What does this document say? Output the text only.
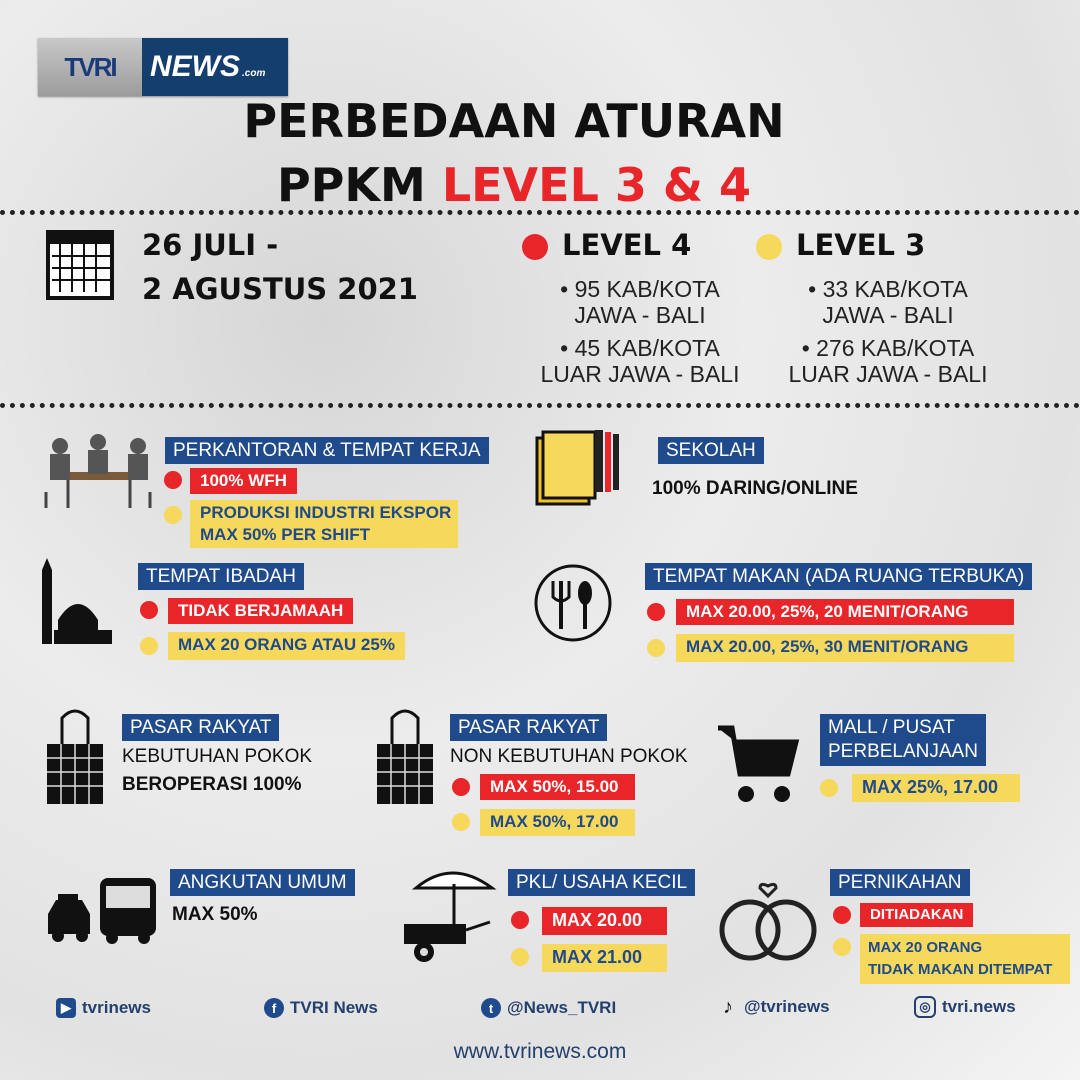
TVRI NEWS .com
PERBEDAAN ATURAN
PPKM LEVEL 3 & 4
26 JULI -
2 AGUSTUS 2021
LEVEL 4
• 95 KAB/KOTA
JAWA - BALI
• 45 KAB/KOTA
LUAR JAWA - BALI
LEVEL 3
• 33 KAB/KOTA
JAWA - BALI
• 276 KAB/KOTA
LUAR JAWA - BALI
PERKANTORAN & TEMPAT KERJA
100% WFH
PRODUKSI INDUSTRI EKSPOR
MAX 50% PER SHIFT
SEKOLAH
100% DARING/ONLINE
TEMPAT IBADAH
TIDAK BERJAMAAH
MAX 20 ORANG ATAU 25%
TEMPAT MAKAN (ADA RUANG TERBUKA)
MAX 20.00, 25%, 20 MENIT/ORANG
MAX 20.00, 25%, 30 MENIT/ORANG
PASAR RAKYAT
KEBUTUHAN POKOK
BEROPERASI 100%
PASAR RAKYAT
NON KEBUTUHAN POKOK
MAX 50%, 15.00
MAX 50%, 17.00
MALL / PUSAT
PERBELANJAAN
MAX 25%, 17.00
ANGKUTAN UMUM
MAX 50%
PKL/ USAHA KECIL
MAX 20.00
MAX 21.00
PERNIKAHAN
DITIADAKAN
MAX 20 ORANG
TIDAK MAKAN DITEMPAT
▶ tvrinews	f TVRI News	t @News_TVRI	♪ @tvrinews	◎ tvri.news
www.tvrinews.com
